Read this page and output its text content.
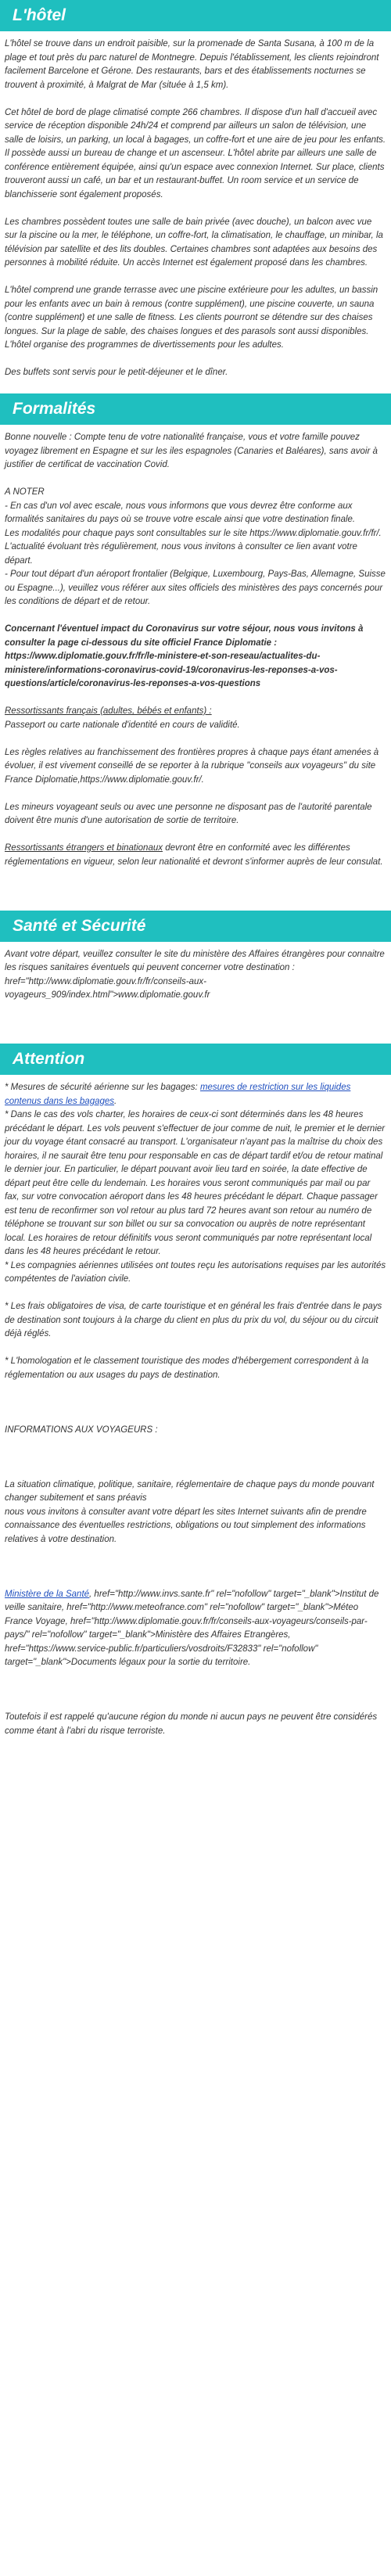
L'hôtel

L'hôtel se trouve dans un endroit paisible, sur la promenade de Santa Susana, à 100 m de la plage et tout près du parc naturel de Montnegre. Depuis l'établissement, les clients rejoindront facilement Barcelone et Gérone. Des restaurants, bars et des établissements nocturnes se trouvent à proximité, à Malgrat de Mar (située à 1,5 km).

Cet hôtel de bord de plage climatisé compte 266 chambres. Il dispose d'un hall d'accueil avec service de réception disponible 24h/24 et comprend par ailleurs un salon de télévision, une salle de loisirs, un parking, un local à bagages, un coffre-fort et une aire de jeu pour les enfants. Il possède aussi un bureau de change et un ascenseur. L'hôtel abrite par ailleurs une salle de conférence entièrement équipée, ainsi qu'un espace avec connexion Internet. Sur place, clients trouveront aussi un café, un bar et un restaurant-buffet. Un room service et un service de blanchisserie sont également proposés.

Les chambres possèdent toutes une salle de bain privée (avec douche), un balcon avec vue sur la piscine ou la mer, le téléphone, un coffre-fort, la climatisation, le chauffage, un minibar, la télévision par satellite et des lits doubles. Certaines chambres sont adaptées aux besoins des personnes à mobilité réduite. Un accès Internet est également proposé dans les chambres.

L'hôtel comprend une grande terrasse avec une piscine extérieure pour les adultes, un bassin pour les enfants avec un bain à remous (contre supplément), une piscine couverte, un sauna (contre supplément) et une salle de fitness. Les clients pourront se détendre sur des chaises longues. Sur la plage de sable, des chaises longues et des parasols sont aussi disponibles. L'hôtel organise des programmes de divertissements pour les adultes.

Des buffets sont servis pour le petit-déjeuner et le dîner.

Formalités

Bonne nouvelle : Compte tenu de votre nationalité française, vous et votre famille pouvez voyagez librement en Espagne et sur les iles espagnoles (Canaries et Baléares), sans avoir à justifier de certificat de vaccination Covid.

A NOTER
- En cas d'un vol avec escale, nous vous informons que vous devrez être conforme aux formalités sanitaires du pays où se trouve votre escale ainsi que votre destination finale.
Les modalités pour chaque pays sont consultables sur le site https://www.diplomatie.gouv.fr/fr/. L'actualité évoluant très régulièrement, nous vous invitons à consulter ce lien avant votre départ.
- Pour tout départ d'un aéroport frontalier (Belgique, Luxembourg, Pays-Bas, Allemagne, Suisse ou Espagne...), veuillez vous référer aux sites officiels des ministères des pays concernés pour les conditions de départ et de retour.

Concernant l'éventuel impact du Coronavirus sur votre séjour, nous vous invitons à consulter la page ci-dessous du site officiel France Diplomatie : https://www.diplomatie.gouv.fr/fr/le-ministere-et-son-reseau/actualites-du-ministere/informations-coronavirus-covid-19/coronavirus-les-reponses-a-vos-questions/article/coronavirus-les-reponses-a-vos-questions

Ressortissants français (adultes, bébés et enfants) :
Passeport ou carte nationale d'identité en cours de validité.

Les règles relatives au franchissement des frontières propres à chaque pays étant amenées à évoluer, il est vivement conseillé de se reporter à la rubrique "conseils aux voyageurs" du site France Diplomatie,https://www.diplomatie.gouv.fr/.

Les mineurs voyageant seuls ou avec une personne ne disposant pas de l'autorité parentale doivent être munis d'une autorisation de sortie de territoire.

Ressortissants étrangers et binationaux devront être en conformité avec les différentes réglementations en vigueur, selon leur nationalité et devront s'informer auprès de leur consulat.

Santé et Sécurité

Avant votre départ, veuillez consulter le site du ministère des Affaires étrangères pour connaitre les risques sanitaires éventuels qui peuvent concerner votre destination : href="http://www.diplomatie.gouv.fr/fr/conseils-aux-voyageurs_909/index.html">www.diplomatie.gouv.fr

Attention

* Mesures de sécurité aérienne sur les bagages: mesures de restriction sur les liquides contenus dans les bagages.
* Dans le cas des vols charter, les horaires de ceux-ci sont déterminés dans les 48 heures précédant le départ. Les vols peuvent s'effectuer de jour comme de nuit, le premier et le dernier jour du voyage étant consacré au transport. L'organisateur n'ayant pas la maîtrise du choix des horaires, il ne saurait être tenu pour responsable en cas de départ tardif et/ou de retour matinal le dernier jour. En particulier, le départ pouvant avoir lieu tard en soirée, la date effective de départ peut être celle du lendemain. Les horaires vous seront communiqués par mail ou par fax, sur votre convocation aéroport dans les 48 heures précédant le départ. Chaque passager est tenu de reconfirmer son vol retour au plus tard 72 heures avant son retour au numéro de téléphone se trouvant sur son billet ou sur sa convocation ou auprès de notre représentant local. Les horaires de retour définitifs vous seront communiqués par notre représentant local dans les 48 heures précédant le retour.
* Les compagnies aériennes utilisées ont toutes reçu les autorisations requises par les autorités compétentes de l'aviation civile.

* Les frais obligatoires de visa, de carte touristique et en général les frais d'entrée dans le pays de destination sont toujours à la charge du client en plus du prix du vol, du séjour ou du circuit déjà réglés.

* L'homologation et le classement touristique des modes d'hébergement correspondent à la réglementation ou aux usages du pays de destination.

INFORMATIONS AUX VOYAGEURS :

La situation climatique, politique, sanitaire, réglementaire de chaque pays du monde pouvant changer subitement et sans préavis
nous vous invitons à consulter avant votre départ les sites Internet suivants afin de prendre connaissance des éventuelles restrictions, obligations ou tout simplement des informations relatives à votre destination.

Ministère de la Santé, href="http://www.invs.sante.fr" rel="nofollow" target="_blank">Institut de veille sanitaire, href="http://www.meteofrance.com" rel="nofollow" target="_blank">Méteo France Voyage, href="http://www.diplomatie.gouv.fr/fr/conseils-aux-voyageurs/conseils-par-pays/" rel="nofollow" target="_blank">Ministère des Affaires Etrangères, href="https://www.service-public.fr/particuliers/vosdroits/F32833" rel="nofollow" target="_blank">Documents légaux pour la sortie du territoire.

Toutefois il est rappelé qu'aucune région du monde ni aucun pays ne peuvent être considérés comme étant à l'abri du risque terroriste.
